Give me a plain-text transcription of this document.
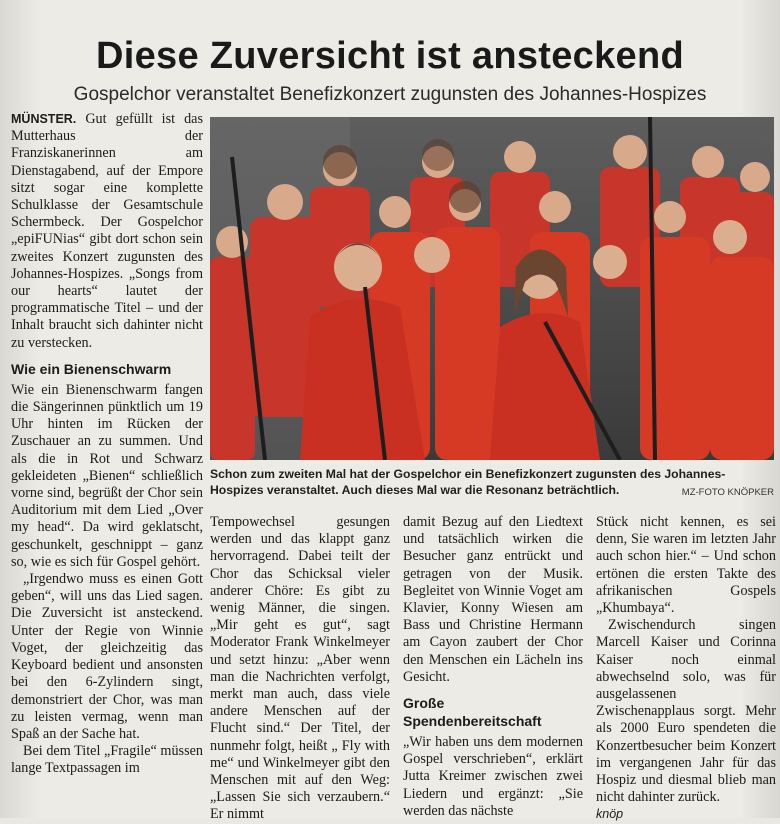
Diese Zuversicht ist ansteckend
Gospelchor veranstaltet Benefizkonzert zugunsten des Johannes-Hospizes

MÜNSTER. Gut gefüllt ist das Mutterhaus der Franziskanerinnen am Dienstagabend, auf der Empore sitzt sogar eine komplette Schulklasse der Gesamtschule Schermbeck. Der Gospelchor „epiFUNias“ gibt dort schon sein zweites Konzert zugunsten des Johannes-Hospizes. „Songs from our hearts“ lautet der programmatische Titel – und der Inhalt braucht sich dahinter nicht zu verstecken.

Wie ein Bienenschwarm

Wie ein Bienenschwarm fangen die Sängerinnen pünktlich um 19 Uhr hinten im Rücken der Zuschauer an zu summen. Und als die in Rot und Schwarz gekleideten „Bienen“ schließlich vorne sind, begrüßt der Chor sein Auditorium mit dem Lied „Over my head“. Da wird geklatscht, geschunkelt, geschnippt – ganz so, wie es sich für Gospel gehört.

„Irgendwo muss es einen Gott geben“, will uns das Lied sagen. Die Zuversicht ist ansteckend. Unter der Regie von Winnie Voget, der gleichzeitig das Keyboard bedient und ansonsten bei den 6-Zylindern singt, demonstriert der Chor, was man zu leisten vermag, wenn man Spaß an der Sache hat.

Bei dem Titel „Fragile“ müssen lange Textpassagen im

Schon zum zweiten Mal hat der Gospelchor ein Benefizkonzert zugunsten des Johannes-Hospizes veranstaltet. Auch dieses Mal war die Resonanz beträchtlich.	MZ-FOTO KNÖPKER

Tempowechsel gesungen werden und das klappt ganz hervorragend. Dabei teilt der Chor das Schicksal vieler anderer Chöre: Es gibt zu wenig Männer, die singen. „Mir geht es gut“, sagt Moderator Frank Winkelmeyer und setzt hinzu: „Aber wenn man die Nachrichten verfolgt, merkt man auch, dass viele andere Menschen auf der Flucht sind.“ Der Titel, der nunmehr folgt, heißt „ Fly with me“ und Winkelmeyer gibt den Menschen mit auf den Weg: „Lassen Sie sich verzaubern.“ Er nimmt

damit Bezug auf den Liedtext und tatsächlich wirken die Besucher ganz entrückt und getragen von der Musik. Begleitet von Winnie Voget am Klavier, Konny Wiesen am Bass und Christine Hermann am Cayon zaubert der Chor den Menschen ein Lächeln ins Gesicht.

Große Spendenbereitschaft

„Wir haben uns dem modernen Gospel verschrieben“, erklärt Jutta Kreimer zwischen zwei Liedern und ergänzt: „Sie werden das nächste

Stück nicht kennen, es sei denn, Sie waren im letzten Jahr auch schon hier.“ – Und schon ertönen die ersten Takte des afrikanischen Gospels „Khumbaya“.

Zwischendurch singen Marcell Kaiser und Corinna Kaiser noch einmal abwechselnd solo, was für ausgelassenen Zwischenapplaus sorgt. Mehr als 2000 Euro spendeten die Konzertbesucher beim Konzert im vergangenen Jahr für das Hospiz und diesmal blieb man nicht dahinter zurück.

knöp
